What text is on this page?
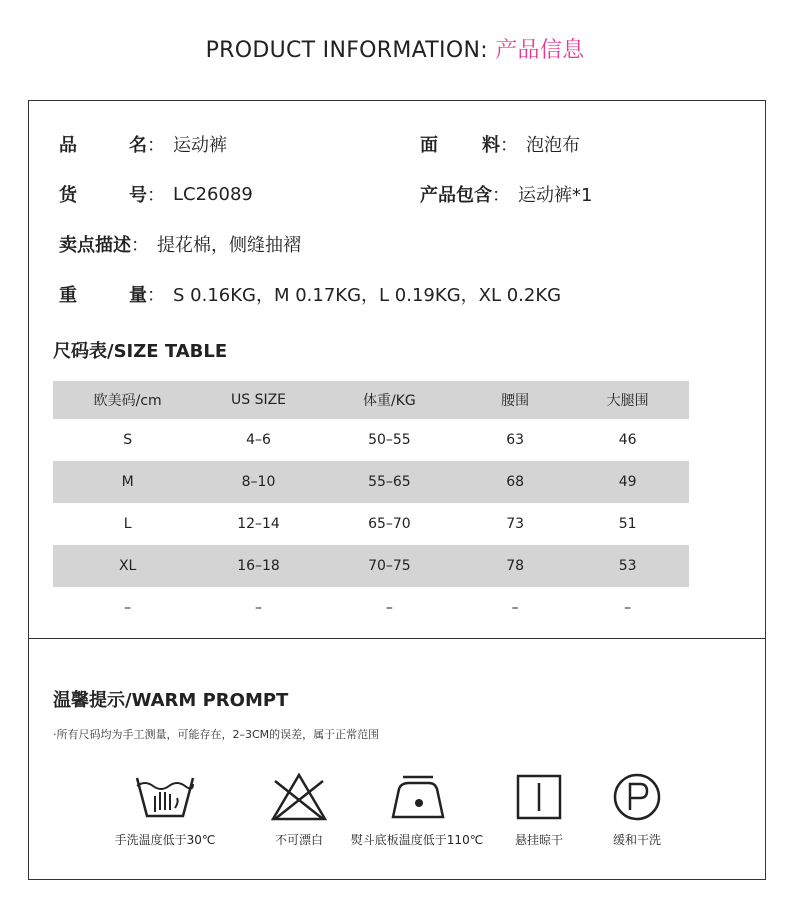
PRODUCT INFORMATION: 产品信息
品	名 ： 运动裤	面 料 ： 泡泡布
货	号 ： LC26089	产品包含 ： 运动裤*1
卖点描述 ： 提花棉，侧缝抽褶
重	量 ： S 0.16KG，M 0.17KG，L 0.19KG，XL 0.2KG
尺码表/SIZE TABLE
欧美码/cm	US SIZE	体重/KG	腰围	大腿围
S	4–6	50–55	63	46
M	8–10	55–65	68	49
L	12–14	65–70	73	51
XL	16–18	70–75	78	53
–	–	–	–	–
温馨提示/WARM PROMPT
·所有尺码均为手工测量，可能存在，2–3CM的误差，属于正常范围
手洗温度低于30℃	不可漂白	熨斗底板温度低于110℃	悬挂晾干	缓和干洗
